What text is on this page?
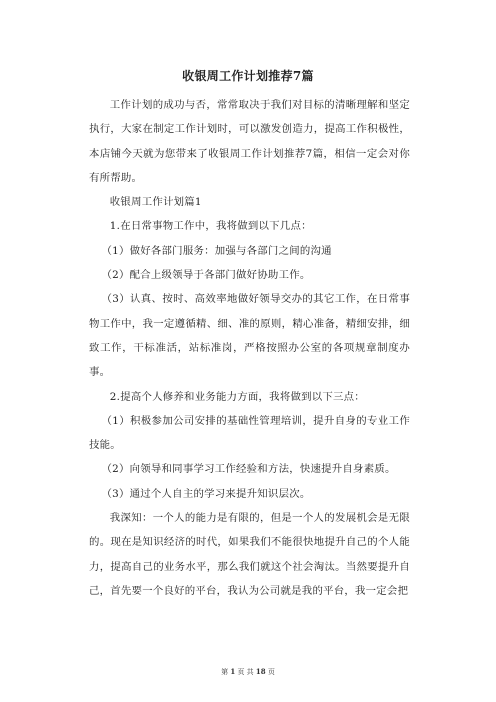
收银周工作计划推荐7篇

工作计划的成功与否，常常取决于我们对目标的清晰理解和坚定执行，大家在制定工作计划时，可以激发创造力，提高工作积极性，本店铺今天就为您带来了收银周工作计划推荐7篇，相信一定会对你有所帮助。

收银周工作计划篇1

1.在日常事物工作中，我将做到以下几点：

（1）做好各部门服务：加强与各部门之间的沟通

（2）配合上级领导于各部门做好协助工作。

（3）认真、按时、高效率地做好领导交办的其它工作，在日常事物工作中，我一定遵循精、细、准的原则，精心准备，精细安排，细致工作，干标准活，站标准岗，严格按照办公室的各项规章制度办事。

2.提高个人修养和业务能力方面，我将做到以下三点：

（1）积极参加公司安排的基础性管理培训，提升自身的专业工作技能。

（2）向领导和同事学习工作经验和方法，快速提升自身素质。

（3）通过个人自主的学习来提升知识层次。

我深知：一个人的能力是有限的，但是一个人的发展机会是无限的。现在是知识经济的时代，如果我们不能很快地提升自己的个人能力，提高自己的业务水平，那么我们就这个社会淘汰。当然要提升自己，首先要一个良好的平台，我认为公司就是我的平台，我一定会把

第 1 页 共 18 页
